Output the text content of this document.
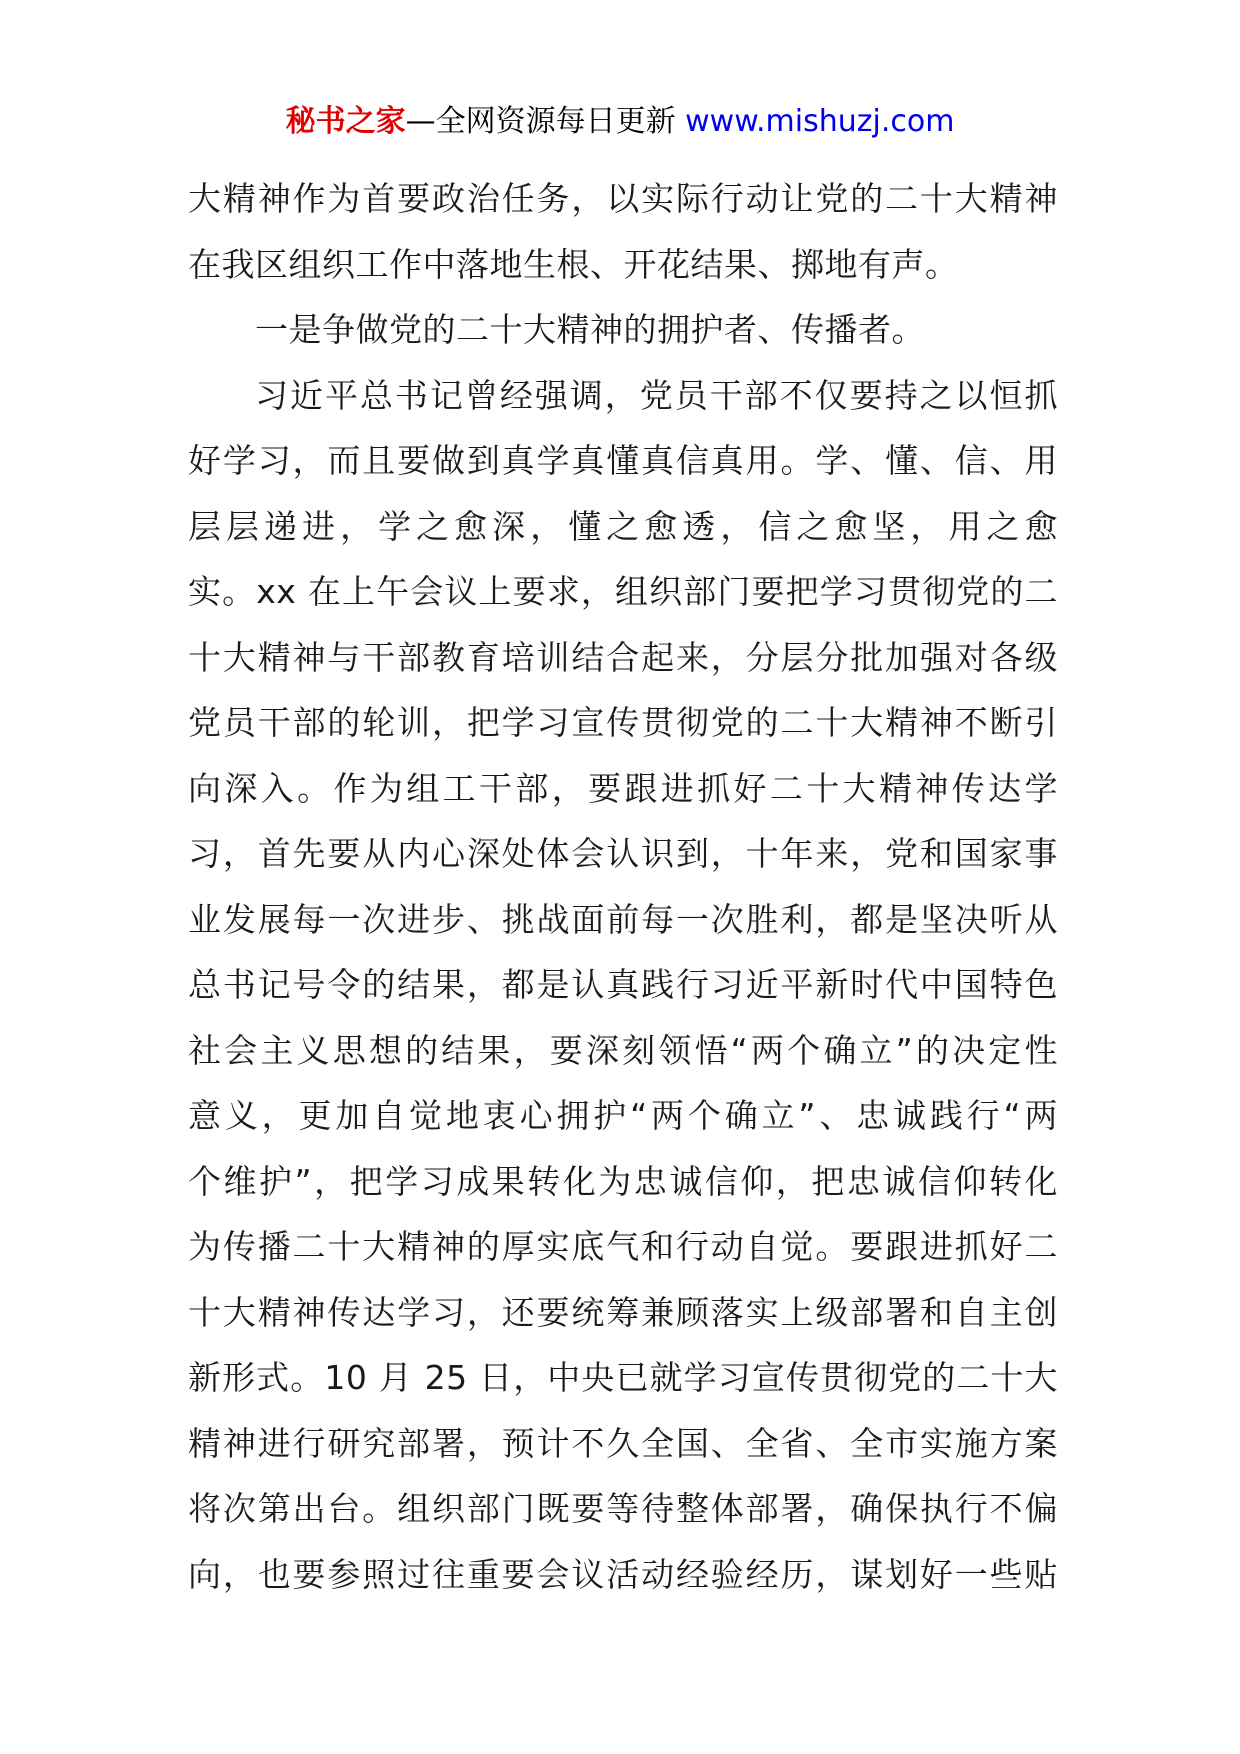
秘书之家—全网资源每日更新 www.mishuzj.com
大精神作为首要政治任务，以实际行动让党的二十大精神
在我区组织工作中落地生根、开花结果、掷地有声。
一是争做党的二十大精神的拥护者、传播者。
习近平总书记曾经强调，党员干部不仅要持之以恒抓
好学习，而且要做到真学真懂真信真用。学、懂、信、用
层层递进，学之愈深，懂之愈透，信之愈坚，用之愈
实。xx 在上午会议上要求，组织部门要把学习贯彻党的二
十大精神与干部教育培训结合起来，分层分批加强对各级
党员干部的轮训，把学习宣传贯彻党的二十大精神不断引
向深入。作为组工干部，要跟进抓好二十大精神传达学
习，首先要从内心深处体会认识到，十年来，党和国家事
业发展每一次进步、挑战面前每一次胜利，都是坚决听从
总书记号令的结果，都是认真践行习近平新时代中国特色
社会主义思想的结果，要深刻领悟“两个确立”的决定性
意义，更加自觉地衷心拥护“两个确立”、忠诚践行“两
个维护”，把学习成果转化为忠诚信仰，把忠诚信仰转化
为传播二十大精神的厚实底气和行动自觉。要跟进抓好二
十大精神传达学习，还要统筹兼顾落实上级部署和自主创
新形式。10 月 25 日，中央已就学习宣传贯彻党的二十大
精神进行研究部署，预计不久全国、全省、全市实施方案
将次第出台。组织部门既要等待整体部署，确保执行不偏
向，也要参照过往重要会议活动经验经历，谋划好一些贴
